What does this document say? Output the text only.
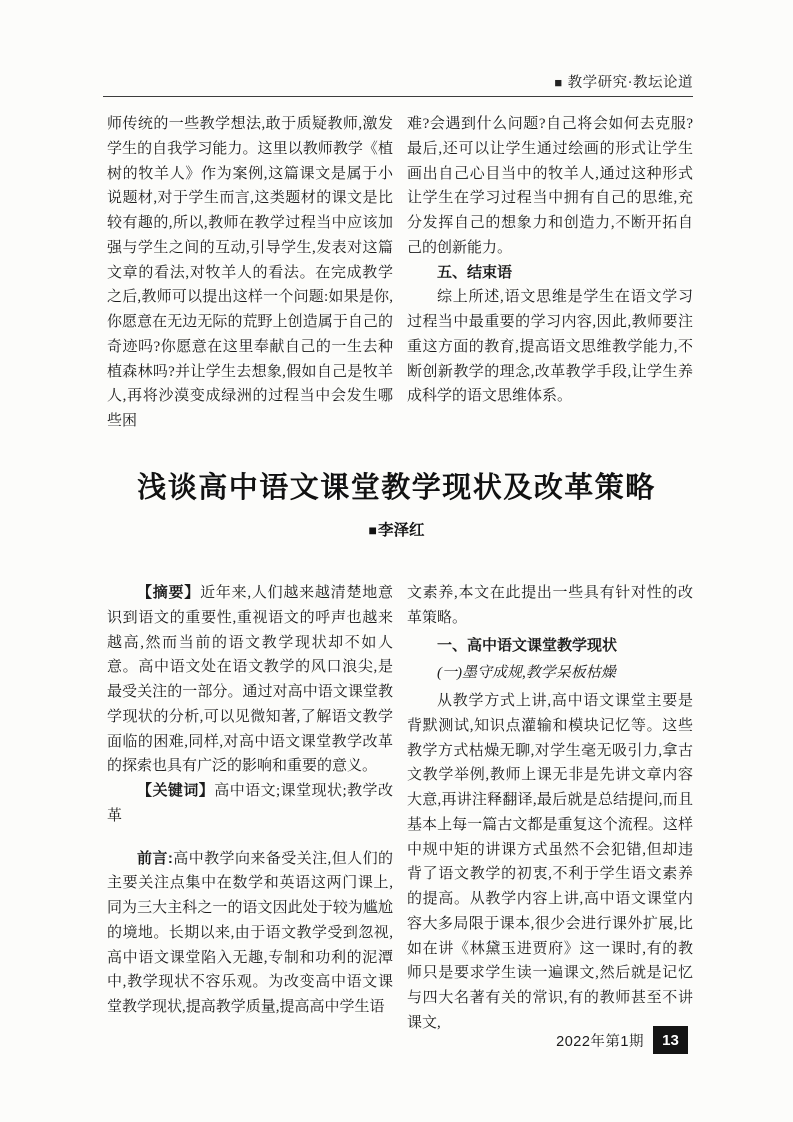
■ 教学研究·教坛论道

师传统的一些教学想法,敢于质疑教师,激发学生的自我学习能力。这里以教师教学《植树的牧羊人》作为案例,这篇课文是属于小说题材,对于学生而言,这类题材的课文是比较有趣的,所以,教师在教学过程当中应该加强与学生之间的互动,引导学生,发表对这篇文章的看法,对牧羊人的看法。在完成教学之后,教师可以提出这样一个问题:如果是你,你愿意在无边无际的荒野上创造属于自己的奇迹吗?你愿意在这里奉献自己的一生去种植森林吗?并让学生去想象,假如自己是牧羊人,再将沙漠变成绿洲的过程当中会发生哪些困

难?会遇到什么问题?自己将会如何去克服?最后,还可以让学生通过绘画的形式让学生画出自己心目当中的牧羊人,通过这种形式让学生在学习过程当中拥有自己的思维,充分发挥自己的想象力和创造力,不断开拓自己的创新能力。

五、结束语

综上所述,语文思维是学生在语文学习过程当中最重要的学习内容,因此,教师要注重这方面的教育,提高语文思维教学能力,不断创新教学的理念,改革教学手段,让学生养成科学的语文思维体系。

浅谈高中语文课堂教学现状及改革策略
■李泽红

【摘要】近年来,人们越来越清楚地意识到语文的重要性,重视语文的呼声也越来越高,然而当前的语文教学现状却不如人意。高中语文处在语文教学的风口浪尖,是最受关注的一部分。通过对高中语文课堂教学现状的分析,可以见微知著,了解语文教学面临的困难,同样,对高中语文课堂教学改革的探索也具有广泛的影响和重要的意义。

【关键词】高中语文;课堂现状;教学改革

前言:高中教学向来备受关注,但人们的主要关注点集中在数学和英语这两门课上,同为三大主科之一的语文因此处于较为尴尬的境地。长期以来,由于语文教学受到忽视,高中语文课堂陷入无趣,专制和功利的泥潭中,教学现状不容乐观。为改变高中语文课堂教学现状,提高教学质量,提高高中学生语

文素养,本文在此提出一些具有针对性的改革策略。

一、高中语文课堂教学现状
(一)墨守成规,教学呆板枯燥

从教学方式上讲,高中语文课堂主要是背默测试,知识点灌输和模块记忆等。这些教学方式枯燥无聊,对学生毫无吸引力,拿古文教学举例,教师上课无非是先讲文章内容大意,再讲注释翻译,最后就是总结提问,而且基本上每一篇古文都是重复这个流程。这样中规中矩的讲课方式虽然不会犯错,但却违背了语文教学的初衷,不利于学生语文素养的提高。从教学内容上讲,高中语文课堂内容大多局限于课本,很少会进行课外扩展,比如在讲《林黛玉进贾府》这一课时,有的教师只是要求学生读一遍课文,然后就是记忆与四大名著有关的常识,有的教师甚至不讲课文,

2022年第1期	13
